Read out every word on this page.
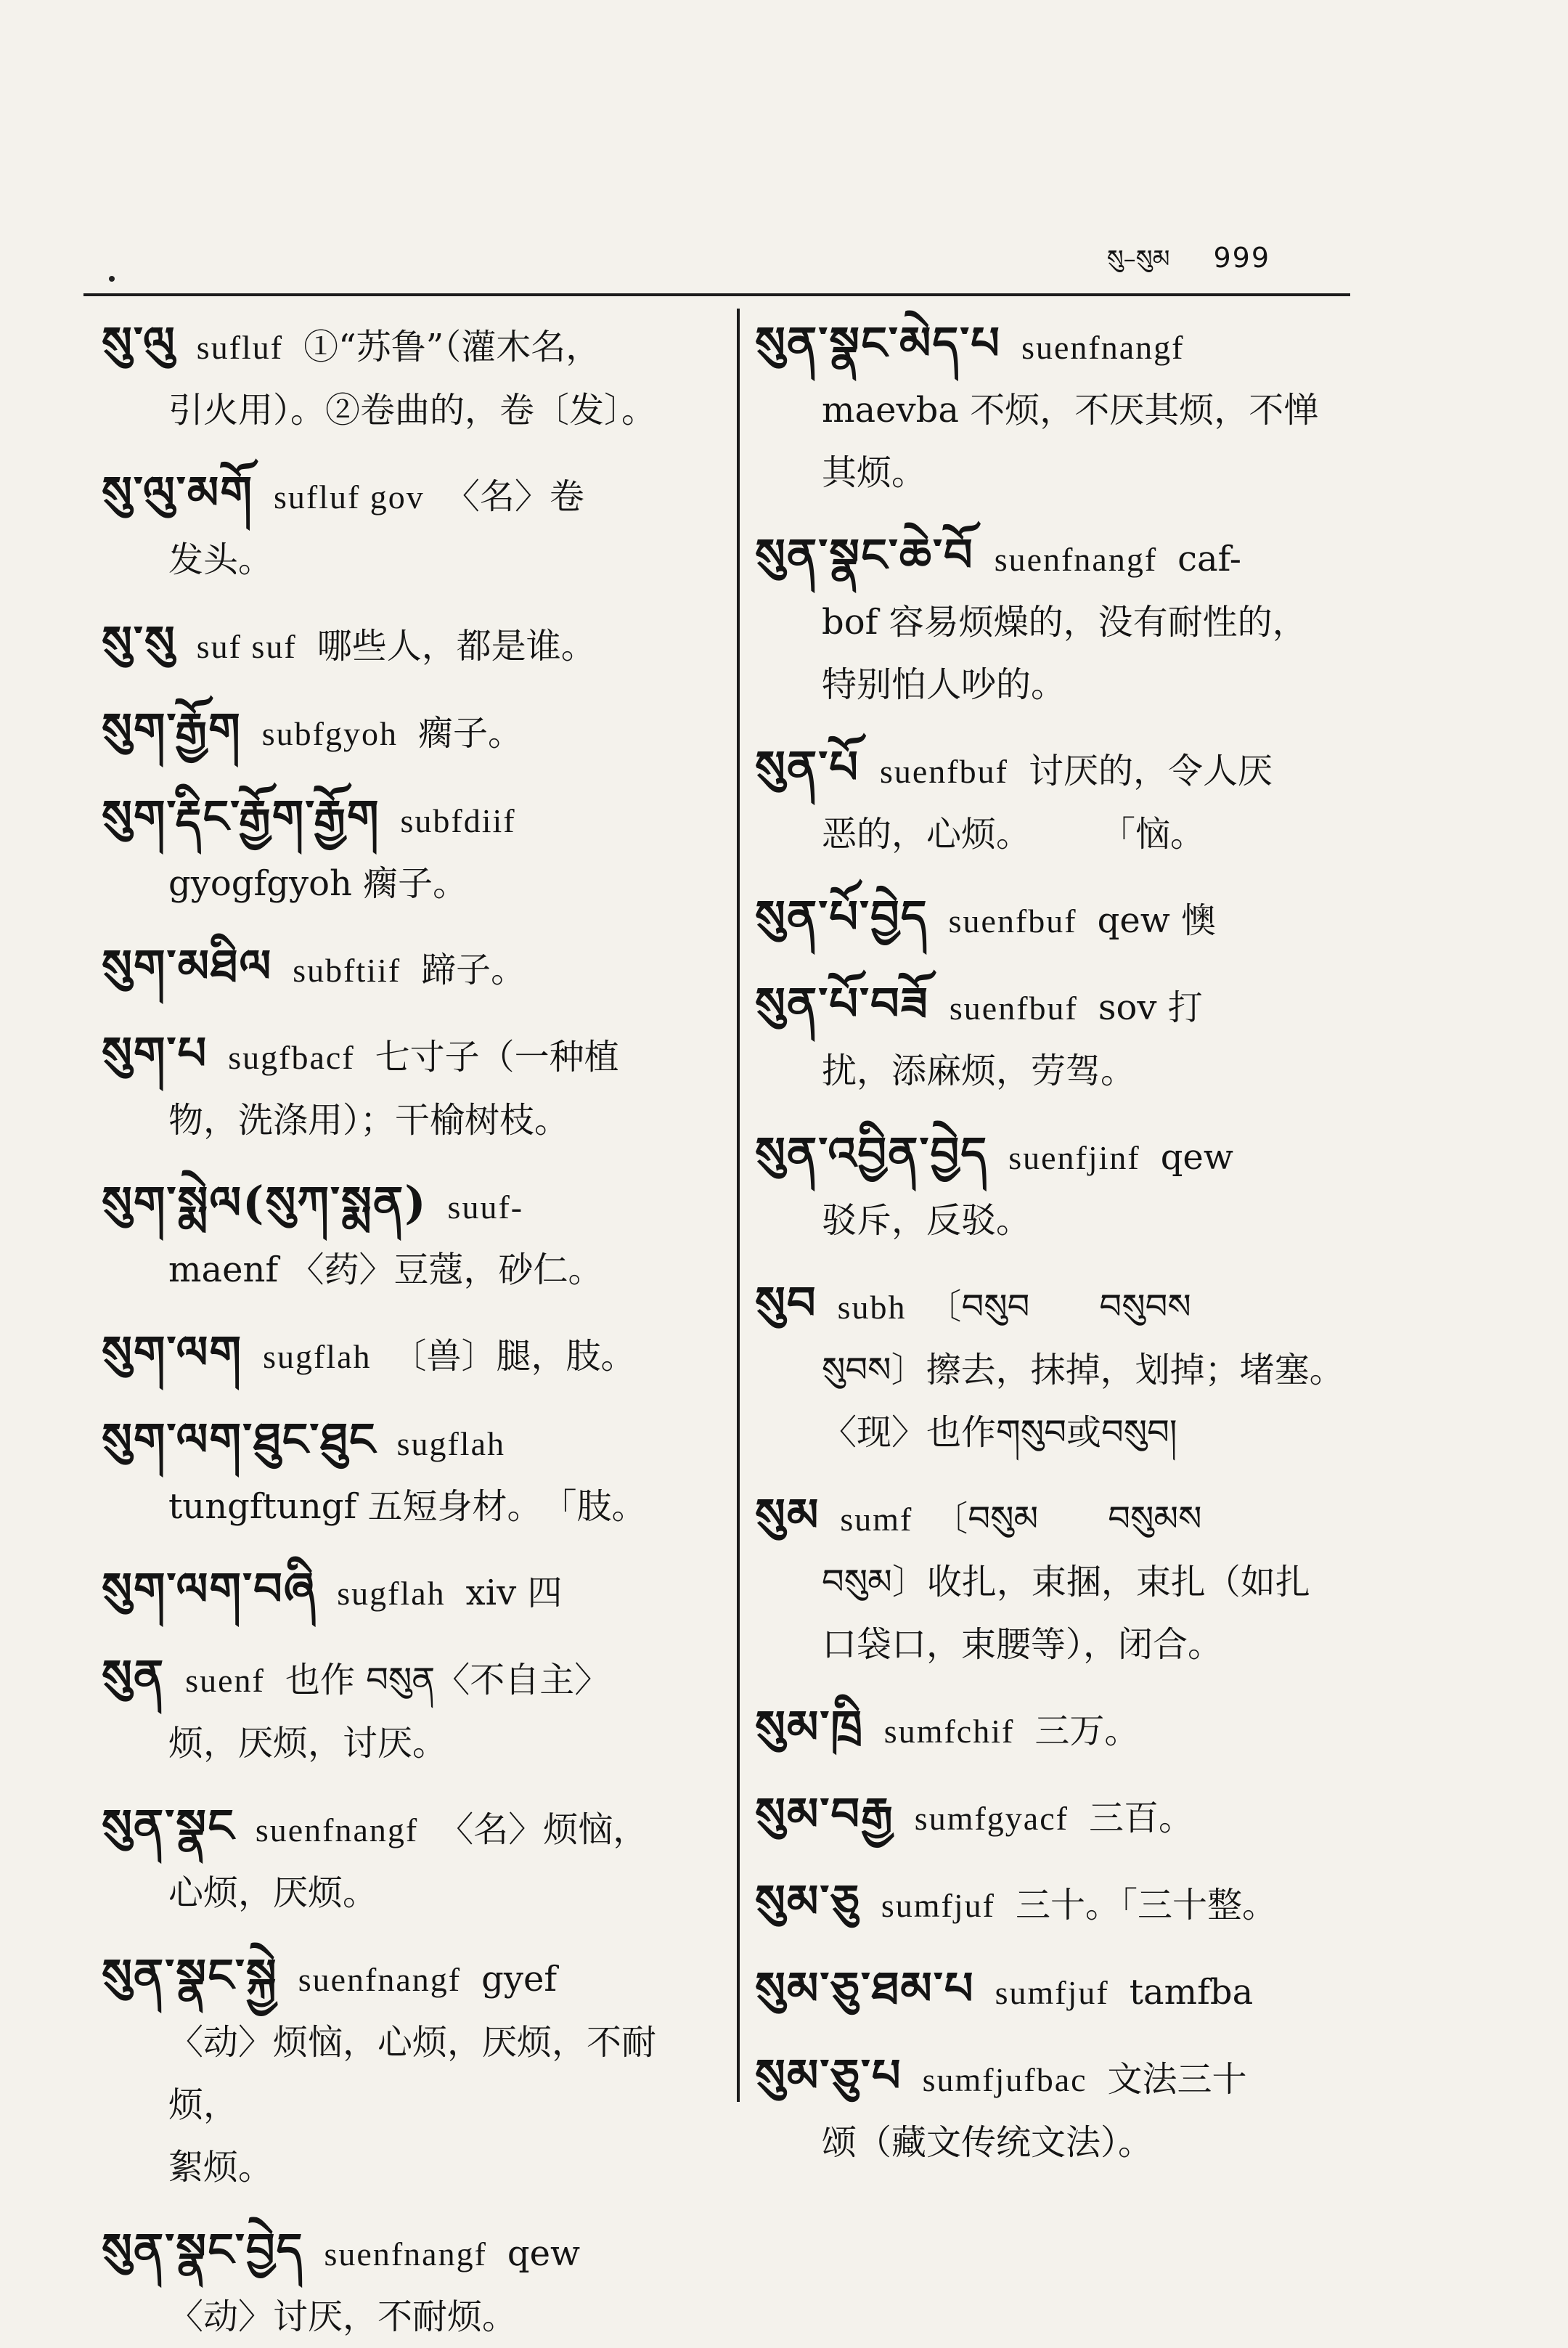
སུ–སུམ 999
སུ་ལུ sufluf ①“苏鲁”（灌木名，
引火用）。②卷曲的，卷〔发〕。
སུ་ལུ་མགོ sufluf gov 〈名〉卷
发头。
སུ་སུ suf suf 哪些人，都是谁。
སུག་རྒྱོག subfgyoh 瘸子。
སུག་རྡིང་རྒྱོག་རྒྱོག subfdiif
gyogfgyoh 瘸子。
སུག་མཐིལ subftiif 蹄子。
སུག་པ sugfbacf 七寸子（一种植
物，洗涤用）；干榆树枝。
སུག་སྨེལ(སུཀ་སྨན) suuf-
maenf 〈药〉豆蔻，砂仁。
སུག་ལག sugflah 〔兽〕腿，肢。
སུག་ལག་ཐུང་ཐུང sugflah
tungftungf 五短身材。　「肢。
སུག་ལག་བཞི sugflah xiv 四
སུན suenf 也作 བསུན〈不自主〉
烦，厌烦，讨厌。
སུན་སྣང suenfnangf 〈名〉烦恼，
心烦，厌烦。
སུན་སྣང་སྐྱེ suenfnangf gyef
〈动〉烦恼，心烦，厌烦，不耐烦，
絮烦。
སུན་སྣང་བྱེད suenfnangf qew
〈动〉讨厌，不耐烦。
སུན་སྣང་མེད་པ suenfnangf
maevba 不烦，不厌其烦，不惮
其烦。
སུན་སྣང་ཆེ་བོ suenfnangf caf-
bof 容易烦燥的，没有耐性的，
特别怕人吵的。
སུན་པོ suenfbuf 讨厌的，令人厌
恶的，心烦。　　　「恼。
སུན་པོ་བྱེད suenfbuf qew 懊
སུན་པོ་བཟོ suenfbuf sov 打
扰，添麻烦，劳驾。
སུན་འབྱིན་བྱེད suenfjinf qew
驳斥，反驳。
སུབ subh 〔བསུབ　　བསུབས
སུབས〕擦去，抹掉，划掉；堵塞。
〈现〉也作གསུབ或བསུབ།
སུམ sumf 〔བསུམ　　བསུམས
བསུམ〕收扎，束捆，束扎（如扎
口袋口，束腰等），闭合。
སུམ་ཁྲི sumfchif 三万。
སུམ་བརྒྱ sumfgyacf 三百。
སུམ་ཅུ sumfjuf 三十。「三十整。
སུམ་ཅུ་ཐམ་པ sumfjuf tamfba
སུམ་ཅུ་པ sumfjufbac 文法三十
颂（藏文传统文法）。
